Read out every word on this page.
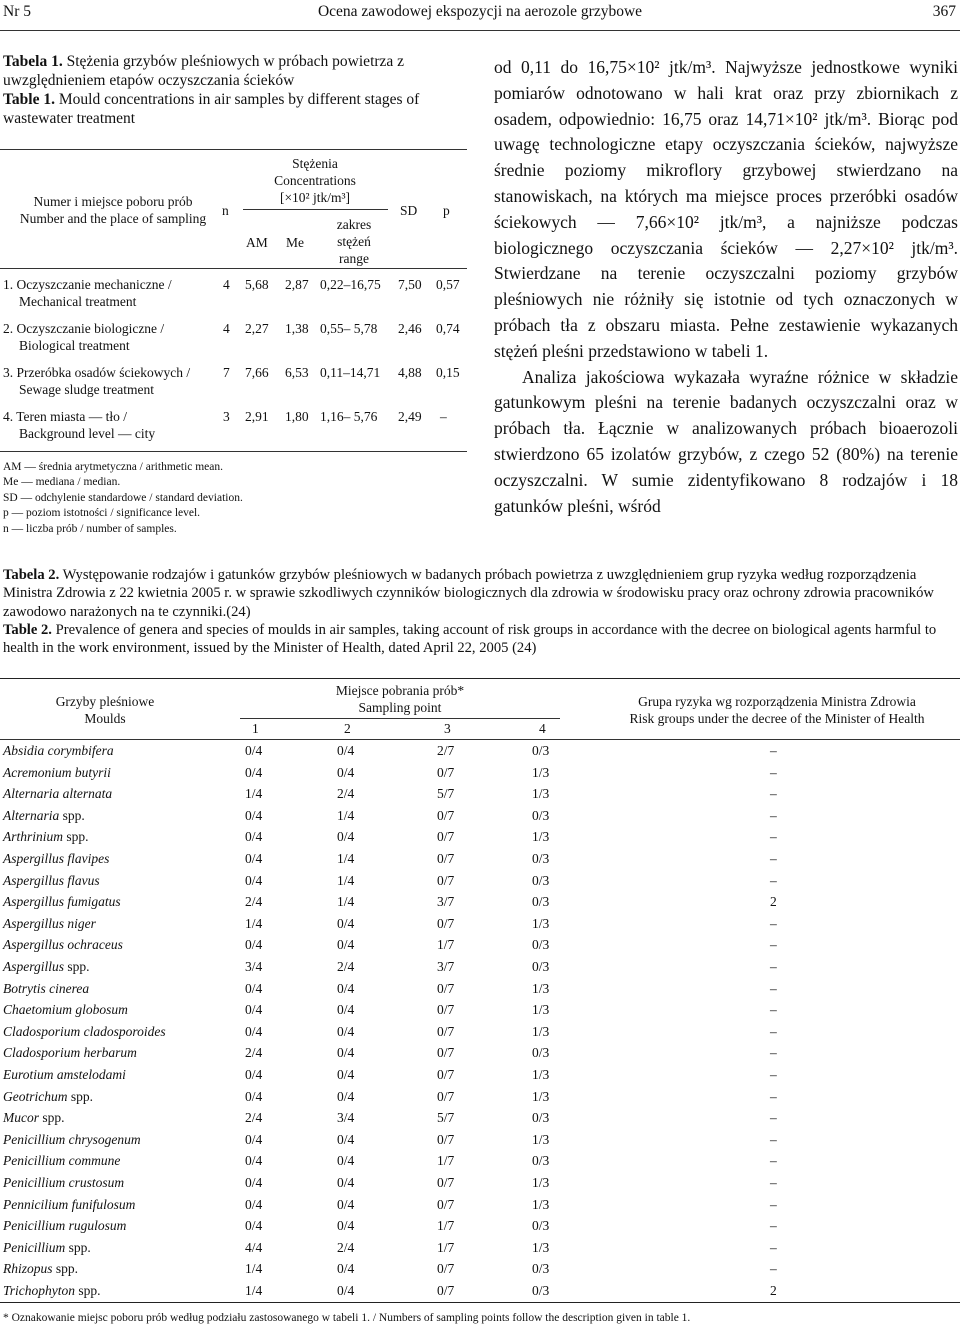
Nr 5	Ocena zawodowej ekspozycji na aerozole grzybowe	367
Tabela 1. Stężenia grzybów pleśniowych w próbach powietrza z uwzględnieniem etapów oczyszczania ścieków
Table 1. Mould concentrations in air samples by different stages of wastewater treatment
Numer i miejsce poboru prób
Number and the place of sampling
n
Stężenia
Concentrations
[×10² jtk/m³]
AM Me
zakres
stężeń
range
SD p
1. Oczyszczanie mechaniczne /
Mechanical treatment
4 5,68 2,87 0,22–16,75 7,50 0,57
2. Oczyszczanie biologiczne /
Biological treatment
4 2,27 1,38 0,55– 5,78 2,46 0,74
3. Przeróbka osadów ściekowych /
Sewage sludge treatment
7 7,66 6,53 0,11–14,71 4,88 0,15
4. Teren miasta — tło /
Background level — city
3 2,91 1,80 1,16– 5,76 2,49 –
AM — średnia arytmetyczna / arithmetic mean.
Me — mediana / median.
SD — odchylenie standardowe / standard deviation.
p — poziom istotności / significance level.
n — liczba prób / number of samples.

od 0,11 do 16,75×10² jtk/m³. Najwyższe jednostkowe wyniki pomiarów odnotowano w hali krat oraz przy zbiornikach z osadem, odpowiednio: 16,75 oraz 14,71×10² jtk/m³. Biorąc pod uwagę technologiczne etapy oczyszczania ścieków, najwyższe średnie poziomy mikroflory grzybowej stwierdzano na stanowiskach, na których ma miejsce proces przeróbki osadów ściekowych — 7,66×10² jtk/m³, a najniższe podczas biologicznego oczyszczania ścieków — 2,27×10² jtk/m³. Stwierdzane na terenie oczyszczalni poziomy grzybów pleśniowych nie różniły się istotnie od tych oznaczonych w próbach tła z obszaru miasta. Pełne zestawienie wykazanych stężeń pleśni przedstawiono w tabeli 1.

Analiza jakościowa wykazała wyraźne różnice w składzie gatunkowym pleśni na terenie badanych oczyszczalni oraz w próbach tła. Łącznie w analizowanych próbach bioaerozoli stwierdzono 65 izolatów grzybów, z czego 52 (80%) na terenie oczyszczalni. W sumie zidentyfikowano 8 rodzajów i 18 gatunków pleśni, wśród

Tabela 2. Występowanie rodzajów i gatunków grzybów pleśniowych w badanych próbach powietrza z uwzględnieniem grup ryzyka według rozporządzenia Ministra Zdrowia z 22 kwietnia 2005 r. w sprawie szkodliwych czynników biologicznych dla zdrowia w środowisku pracy oraz ochrony zdrowia pracowników zawodowo narażonych na te czynniki.(24)
Table 2. Prevalence of genera and species of moulds in air samples, taking account of risk groups in accordance with the decree on biological agents harmful to health in the work environment, issued by the Minister of Health, dated April 22, 2005 (24)
Grzyby pleśniowe
Moulds
Miejsce pobrania prób*
Sampling point
1	2	3	4
Grupa ryzyka wg rozporządzenia Ministra Zdrowia
Risk groups under the decree of the Minister of Health
Absidia corymbifera	0/4	0/4	2/7	0/3	–
Acremonium butyrii	0/4	0/4	0/7	1/3	–
Alternaria alternata	1/4	2/4	5/7	1/3	–
Alternaria spp.	0/4	1/4	0/7	0/3	–
Arthrinium spp.	0/4	0/4	0/7	1/3	–
Aspergillus flavipes	0/4	1/4	0/7	0/3	–
Aspergillus flavus	0/4	1/4	0/7	0/3	–
Aspergillus fumigatus	2/4	1/4	3/7	0/3	2
Aspergillus niger	1/4	0/4	0/7	1/3	–
Aspergillus ochraceus	0/4	0/4	1/7	0/3	–
Aspergillus spp.	3/4	2/4	3/7	0/3	–
Botrytis cinerea	0/4	0/4	0/7	1/3	–
Chaetomium globosum	0/4	0/4	0/7	1/3	–
Cladosporium cladosporoides	0/4	0/4	0/7	1/3	–
Cladosporium herbarum	2/4	0/4	0/7	0/3	–
Eurotium amstelodami	0/4	0/4	0/7	1/3	–
Geotrichum spp.	0/4	0/4	0/7	1/3	–
Mucor spp.	2/4	3/4	5/7	0/3	–
Penicillium chrysogenum	0/4	0/4	0/7	1/3	–
Penicillium commune	0/4	0/4	1/7	0/3	–
Penicillium crustosum	0/4	0/4	0/7	1/3	–
Pennicilium funifulosum	0/4	0/4	0/7	1/3	–
Penicillium rugulosum	0/4	0/4	1/7	0/3	–
Penicillium spp.	4/4	2/4	1/7	1/3	–
Rhizopus spp.	1/4	0/4	0/7	0/3	–
Trichophyton spp.	1/4	0/4	0/7	0/3	2
* Oznakowanie miejsc poboru prób według podziału zastosowanego w tabeli 1. / Numbers of sampling points follow the description given in table 1.
